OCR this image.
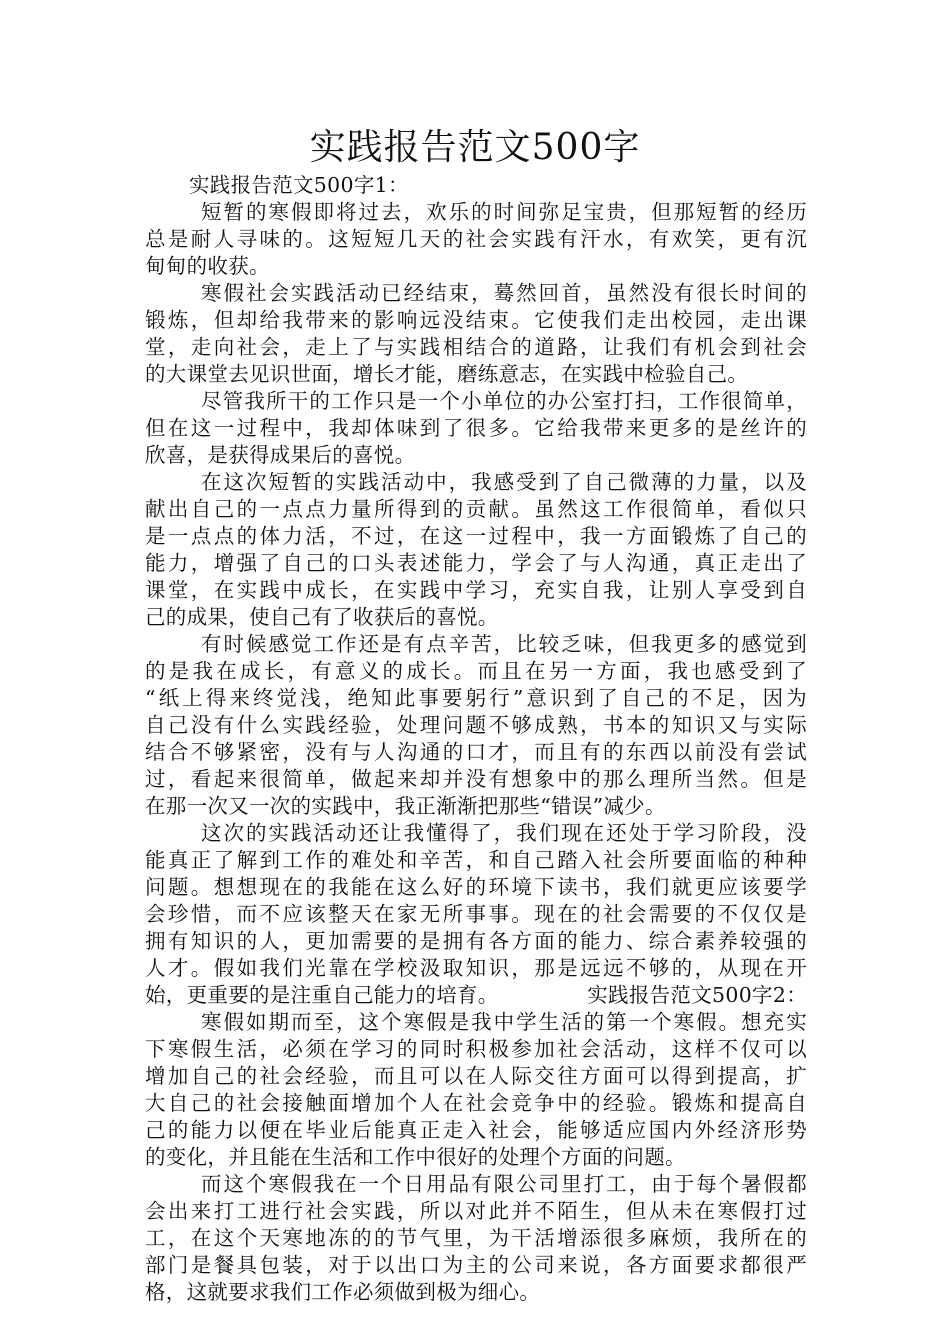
实践报告范文500字
实践报告范文500字1：
短暂的寒假即将过去，欢乐的时间弥足宝贵，但那短暂的经历
总是耐人寻味的。这短短几天的社会实践有汗水，有欢笑，更有沉
甸甸的收获。
寒假社会实践活动已经结束，蓦然回首，虽然没有很长时间的
锻炼，但却给我带来的影响远没结束。它使我们走出校园，走出课
堂，走向社会，走上了与实践相结合的道路，让我们有机会到社会
的大课堂去见识世面，增长才能，磨练意志，在实践中检验自己。
尽管我所干的工作只是一个小单位的办公室打扫，工作很简单，
但在这一过程中，我却体味到了很多。它给我带来更多的是丝许的
欣喜，是获得成果后的喜悦。
在这次短暂的实践活动中，我感受到了自己微薄的力量，以及
献出自己的一点点力量所得到的贡献。虽然这工作很简单，看似只
是一点点的体力活，不过，在这一过程中，我一方面锻炼了自己的
能力，增强了自己的口头表述能力，学会了与人沟通，真正走出了
课堂，在实践中成长，在实践中学习，充实自我，让别人享受到自
己的成果，使自己有了收获后的喜悦。
有时候感觉工作还是有点辛苦，比较乏味，但我更多的感觉到
的是我在成长，有意义的成长。而且在另一方面，我也感受到了
“纸上得来终觉浅，绝知此事要躬行”意识到了自己的不足，因为
自己没有什么实践经验，处理问题不够成熟，书本的知识又与实际
结合不够紧密，没有与人沟通的口才，而且有的东西以前没有尝试
过，看起来很简单，做起来却并没有想象中的那么理所当然。但是
在那一次又一次的实践中，我正渐渐把那些“错误”减少。
这次的实践活动还让我懂得了，我们现在还处于学习阶段，没
能真正了解到工作的难处和辛苦，和自己踏入社会所要面临的种种
问题。想想现在的我能在这么好的环境下读书，我们就更应该要学
会珍惜，而不应该整天在家无所事事。现在的社会需要的不仅仅是
拥有知识的人，更加需要的是拥有各方面的能力、综合素养较强的
人才。假如我们光靠在学校汲取知识，那是远远不够的，从现在开
始，更重要的是注重自己能力的培育。	实践报告范文500字2：
寒假如期而至，这个寒假是我中学生活的第一个寒假。想充实
下寒假生活，必须在学习的同时积极参加社会活动，这样不仅可以
增加自己的社会经验，而且可以在人际交往方面可以得到提高，扩
大自己的社会接触面增加个人在社会竞争中的经验。锻炼和提高自
己的能力以便在毕业后能真正走入社会，能够适应国内外经济形势
的变化，并且能在生活和工作中很好的处理个方面的问题。
而这个寒假我在一个日用品有限公司里打工，由于每个暑假都
会出来打工进行社会实践，所以对此并不陌生，但从未在寒假打过
工，在这个天寒地冻的的节气里，为干活增添很多麻烦，我所在的
部门是餐具包装，对于以出口为主的公司来说，各方面要求都很严
格，这就要求我们工作必须做到极为细心。
